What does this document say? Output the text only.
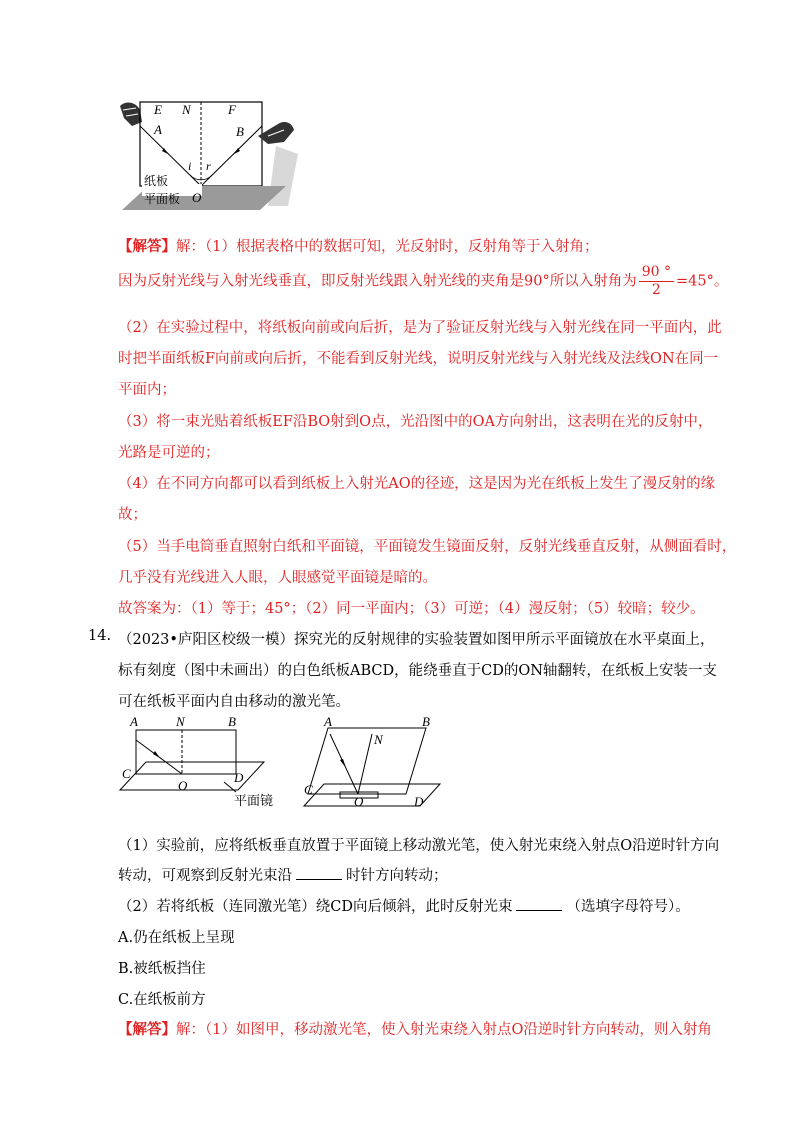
E N	F
A	B
i r
O
纸板
平面板
【解答】解：（1）根据表格中的数据可知，光反射时，反射角等于入射角；
因为反射光线与入射光线垂直，即反射光线跟入射光线的夹角是90°所以入射角为 $\frac{90 ^\circ}{2} =45^\circ$。
（2）在实验过程中，将纸板向前或向后折，是为了验证反射光线与入射光线在同一平面内，此
时把半面纸板F向前或向后折，不能看到反射光线，说明反射光线与入射光线及法线ON在同一
平面内；
（3）将一束光贴着纸板EF沿BO射到O点，光沿图中的OA方向射出，这表明在光的反射中，
光路是可逆的；
（4）在不同方向都可以看到纸板上入射光AO的径迹，这是因为光在纸板上发生了漫反射的缘
故；
（5）当手电筒垂直照射白纸和平面镜，平面镜发生镜面反射，反射光线垂直反射，从侧面看时，
几乎没有光线进入人眼，人眼感觉平面镜是暗的。
故答案为：（1）等于；45°；（2）同一平面内；（3）可逆；（4）漫反射；（5）较暗；较少。
14. （2023•庐阳区校级一模）探究光的反射规律的实验装置如图甲所示平面镜放在水平桌面上，
标有刻度（图中未画出）的白色纸板ABCD，能绕垂直于CD的ON轴翻转，在纸板上安装一支
可在纸板平面内自由移动的激光笔。
A	N	B
C
O
D
平面镜
A
N
B
C
O	D
（1）实验前，应将纸板垂直放置于平面镜上移动激光笔，使入射光束绕入射点O沿逆时针方向
转动，可观察到反射光束沿	时针方向转动；
（2）若将纸板（连同激光笔）绕CD向后倾斜，此时反射光束	（选填字母符号）。
A.仍在纸板上呈现
B.被纸板挡住
C.在纸板前方
【解答】解：（1）如图甲，移动激光笔，使入射光束绕入射点O沿逆时针方向转动，则入射角
